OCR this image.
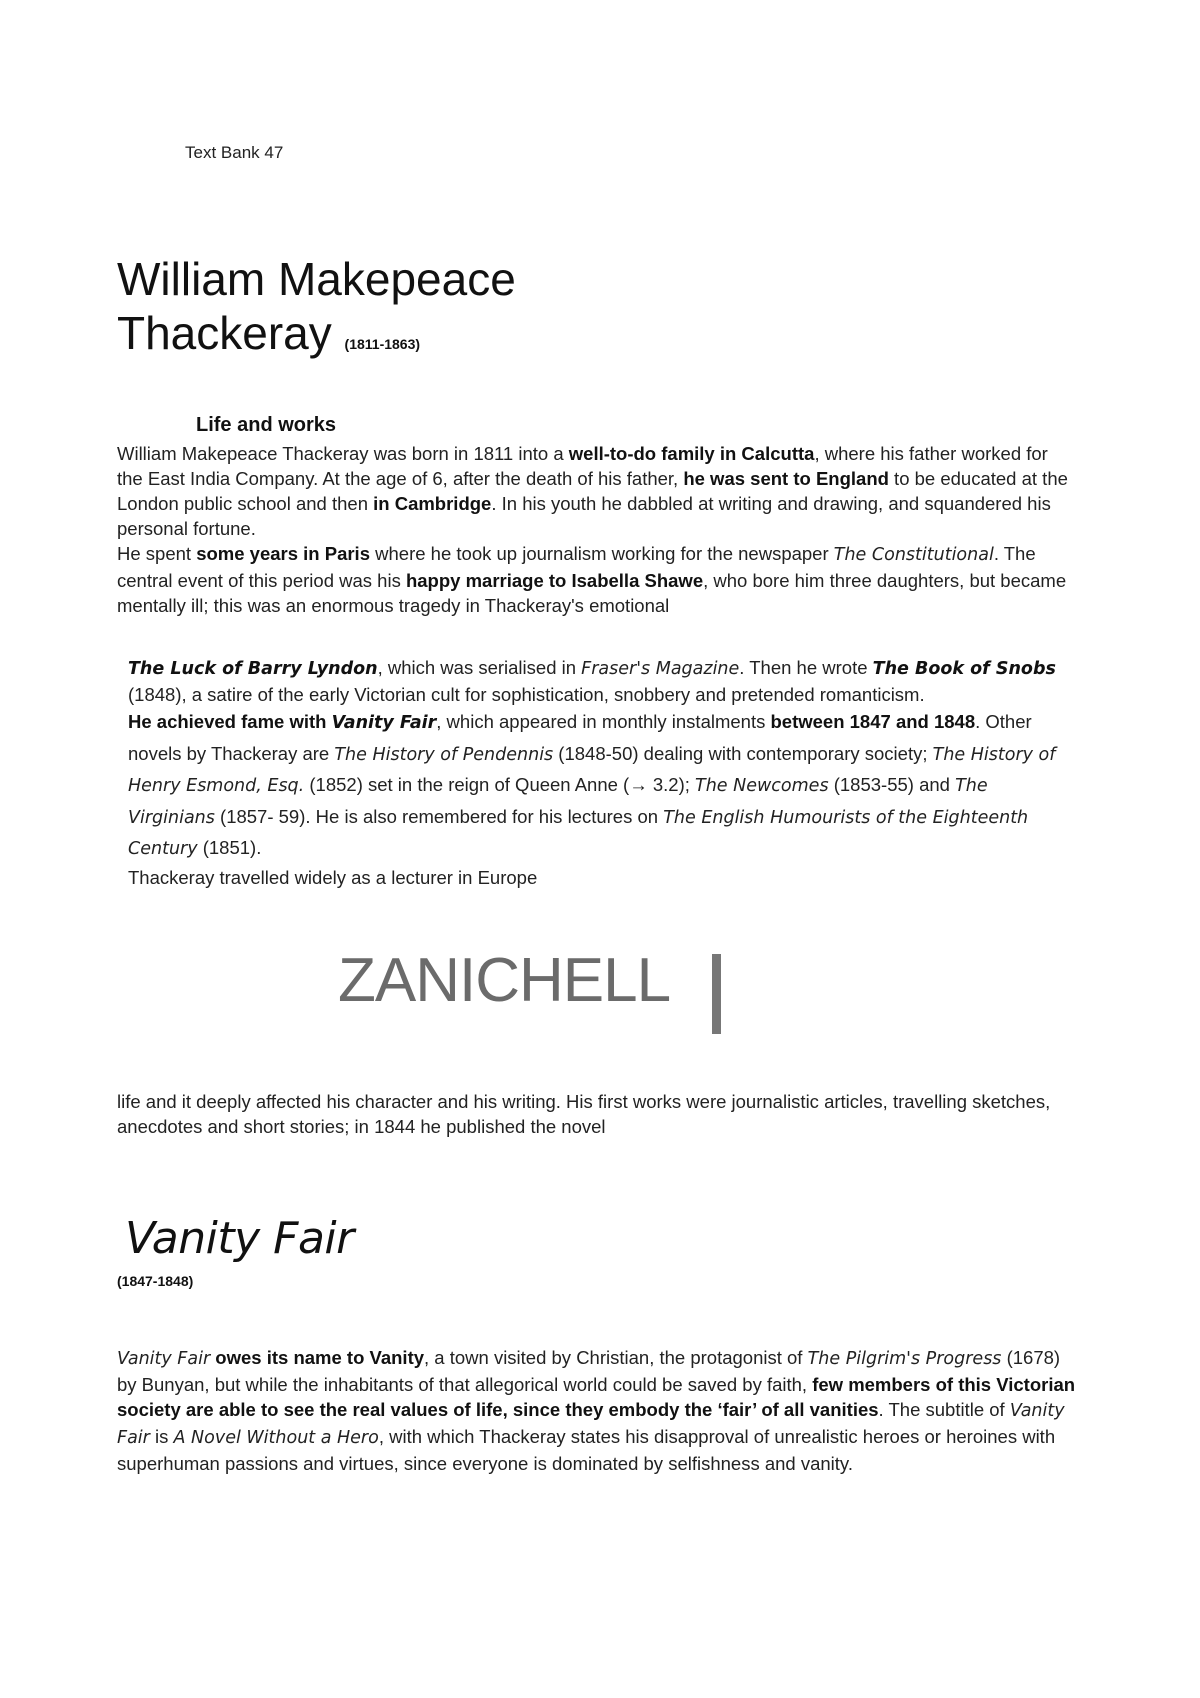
Text Bank 47
William Makepeace
Thackeray (1811-1863)
Life and works
William Makepeace Thackeray was born in 1811 into a well-to-do family in Calcutta, where his father worked for the East India Company. At the age of 6, after the death of his father, he was sent to England to be educated at the London public school and then in Cambridge. In his youth he dabbled at writing and drawing, and squandered his personal fortune.
He spent some years in Paris where he took up journalism working for the newspaper The Constitutional. The central event of this period was his happy marriage to Isabella Shawe, who bore him three daughters, but became mentally ill; this was an enormous tragedy in Thackeray's emotional
The Luck of Barry Lyndon, which was serialised in Fraser's Magazine. Then he wrote The Book of Snobs (1848), a satire of the early Victorian cult for sophistication, snobbery and pretended romanticism.

He achieved fame with Vanity Fair, which appeared in monthly instalments between 1847 and 1848. Other novels by Thackeray are The History of Pendennis (1848-50) dealing with contemporary society; The History of Henry Esmond, Esq. (1852) set in the reign of Queen Anne (→ 3.2); The Newcomes (1853-55) and The Virginians (1857- 59). He is also remembered for his lectures on The English Humourists of the Eighteenth Century (1851).
Thackeray travelled widely as a lecturer in Europe
ZANICHELL
life and it deeply affected his character and his writing. His first works were journalistic articles, travelling sketches, anecdotes and short stories; in 1844 he published the novel
Vanity Fair
(1847-1848)
Vanity Fair owes its name to Vanity, a town visited by Christian, the protagonist of The Pilgrim's Progress (1678) by Bunyan, but while the inhabitants of that allegorical world could be saved by faith, few members of this Victorian society are able to see the real values of life, since they embody the ‘fair’ of all vanities. The subtitle of Vanity Fair is A Novel Without a Hero, with which Thackeray states his disapproval of unrealistic heroes or heroines with superhuman passions and virtues, since everyone is dominated by selfishness and vanity.
